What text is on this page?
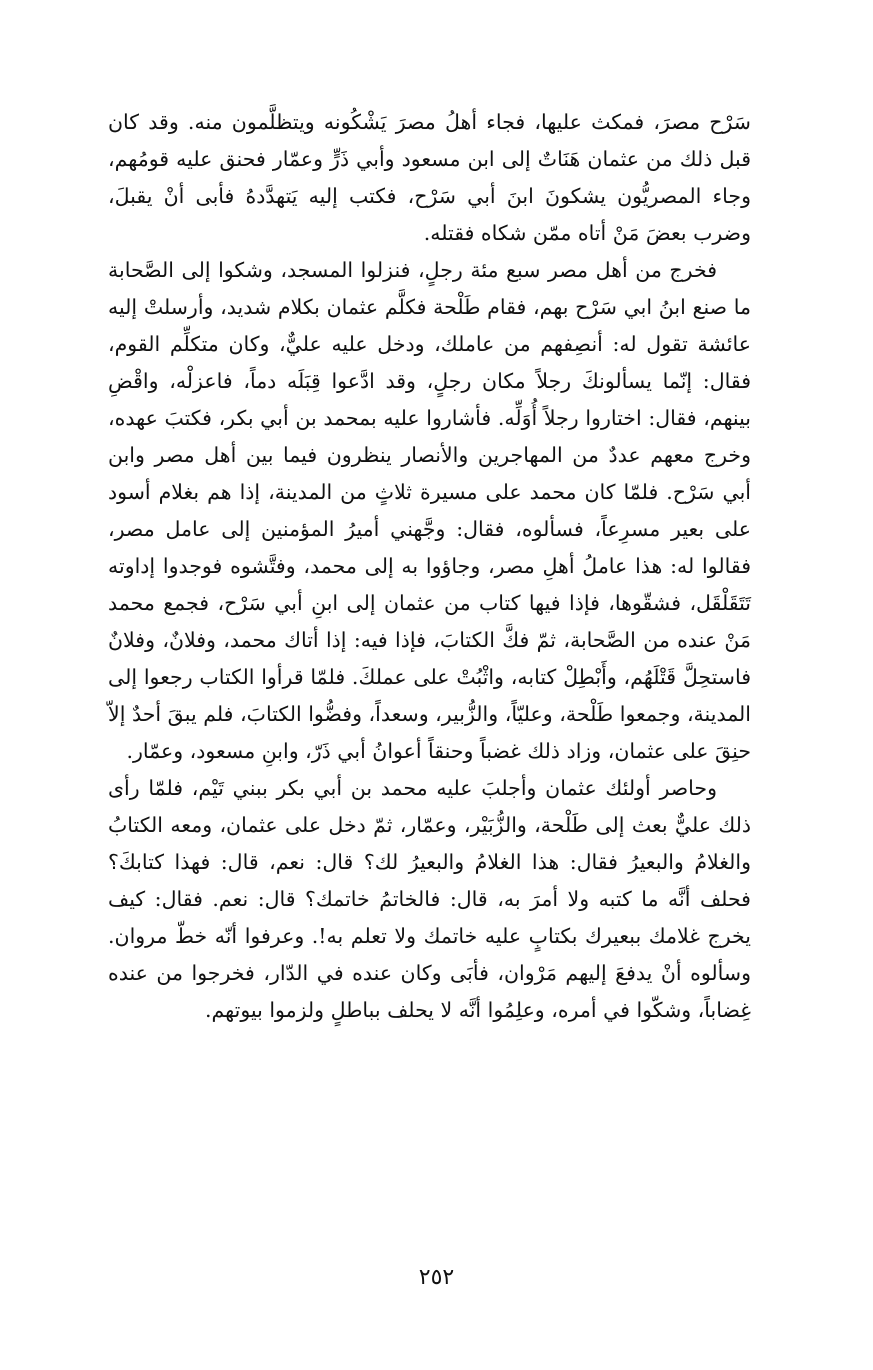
سَرْح مصرَ، فمكث عليها، فجاء أهلُ مصرَ يَشْكُونه ويتظلَّمون منه. وقد كان قبل ذلك من عثمان هَنَاتٌ إلى ابن مسعود وأبي ذَرٍّ وعمّار فحنق عليه قومُهم، وجاء المصريُّون يشكونَ ابنَ أبي سَرْح، فكتب إليه يَتهدَّدهُ فأبى أنْ يقبلَ، وضرب بعضَ مَنْ أتاه ممّن شكاه فقتله.

فخرج من أهل مصر سبع مئة رجلٍ، فنزلوا المسجد، وشكوا إلى الصَّحابة ما صنع ابنُ ابي سَرْح بهم، فقام طَلْحة فكلَّم عثمان بكلام شديد، وأرسلتْ إليه عائشة تقول له: أنصِفهم من عاملك، ودخل عليه عليٌّ، وكان متكلِّم القوم، فقال: إنّما يسألونكَ رجلاً مكان رجلٍ، وقد ادَّعوا قِبَلَه دماً، فاعزلْه، واقْضِ بينهم، فقال: اختاروا رجلاً أُوَلِّه. فأشاروا عليه بمحمد بن أبي بكر، فكتبَ عهده، وخرج معهم عددٌ من المهاجرين والأنصار ينظرون فيما بين أهل مصر وابن أبي سَرْح. فلمّا كان محمد على مسيرة ثلاثٍ من المدينة، إذا هم بغلام أسود على بعير مسرِعاً، فسألوه، فقال: وجَّهني أميرُ المؤمنين إلى عامل مصر، فقالوا له: هذا عاملُ أهلِ مصر، وجاؤوا به إلى محمد، وفتَّشوه فوجدوا إداوته تَتَقَلْقَل، فشقّوها، فإذا فيها كتاب من عثمان إلى ابنِ أبي سَرْح، فجمع محمد مَنْ عنده من الصَّحابة، ثمّ فكَّ الكتابَ، فإذا فيه: إذا أتاك محمد، وفلانٌ، وفلانٌ فاستحِلَّ قَتْلَهُم، وأَبْطِلْ كتابه، واثْبُتْ على عملكَ. فلمّا قرأوا الكتاب رجعوا إلى المدينة، وجمعوا طَلْحة، وعليّاً، والزُّبير، وسعداً، وفضُّوا الكتابَ، فلم يبقَ أحدٌ إلاّ حنِقَ على عثمان، وزاد ذلك غضباً وحنقاً أعوانُ أبي ذَرّ، وابنِ مسعود، وعمّار.

وحاصر أولئك عثمان وأجلبَ عليه محمد بن أبي بكر ببني تَيْم، فلمّا رأى ذلك عليٌّ بعث إلى طَلْحة، والزُّبَيْر، وعمّار، ثمّ دخل على عثمان، ومعه الكتابُ والغلامُ والبعيرُ فقال: هذا الغلامُ والبعيرُ لك؟ قال: نعم، قال: فهذا كتابكَ؟ فحلف أنَّه ما كتبه ولا أمرَ به، قال: فالخاتمُ خاتمك؟ قال: نعم. فقال: كيف يخرج غلامك ببعيرك بكتابٍ عليه خاتمك ولا تعلم به!. وعرفوا أنّه خطّ مروان. وسألوه أنْ يدفعَ إليهم مَرْوان، فأبَى وكان عنده في الدّار، فخرجوا من عنده غِضاباً، وشكّوا في أمره، وعلِمُوا أنَّه لا يحلف بباطلٍ ولزموا بيوتهم.

٢٥٢
